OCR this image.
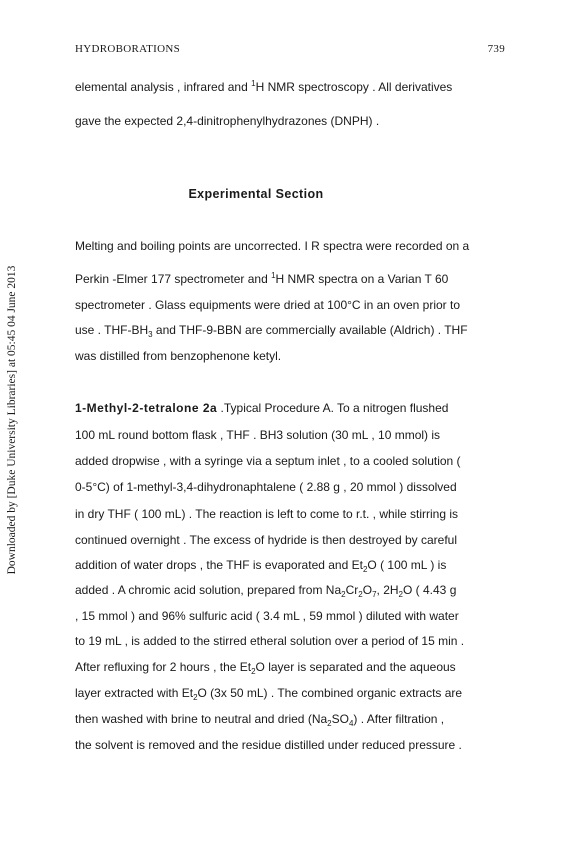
HYDROBORATIONS	739
Downloaded by [Duke University Libraries] at 05:45 04 June 2013
elemental analysis , infrared and $^1$H NMR spectroscopy . All derivatives
gave the expected 2,4-dinitrophenylhydrazones (DNPH) .
Experimental Section
Melting and boiling points are uncorrected. I R spectra were recorded on a
Perkin -Elmer 177 spectrometer and $^1$H NMR spectra on a Varian T 60
spectrometer . Glass equipments were dried at 100°C in an oven prior to
use . THF-$BH_3$ and THF-9-BBN are commercially available (Aldrich) . THF
was distilled from benzophenone ketyl.
1-Methyl-2-tetralone 2a .Typical Procedure A. To a nitrogen flushed
100 mL round bottom flask , THF . BH3 solution (30 mL , 10 mmol) is
added dropwise , with a syringe via a septum inlet , to a cooled solution (
0-5°C) of 1-methyl-3,4-dihydronaphtalene ( 2.88 g , 20 mmol ) dissolved
in dry THF ( 100 mL) . The reaction is left to come to r.t. , while stirring is
continued overnight . The excess of hydride is then destroyed by careful
addition of water drops , the THF is evaporated and $Et_2O$ ( 100 mL ) is
added . A chromic acid solution, prepared from $Na_2Cr_2O_7$, $2H_2O$ ( 4.43 g
, 15 mmol ) and 96% sulfuric acid ( 3.4 mL , 59 mmol ) diluted with water
to 19 mL , is added to the stirred etheral solution over a period of 15 min .
After refluxing for 2 hours , the $Et_2O$ layer is separated and the aqueous
layer extracted with $Et_2O$ (3x 50 mL) . The combined organic extracts are
then washed with brine to neutral and dried $(Na_2SO_4)$ . After filtration ,
the solvent is removed and the residue distilled under reduced pressure .
